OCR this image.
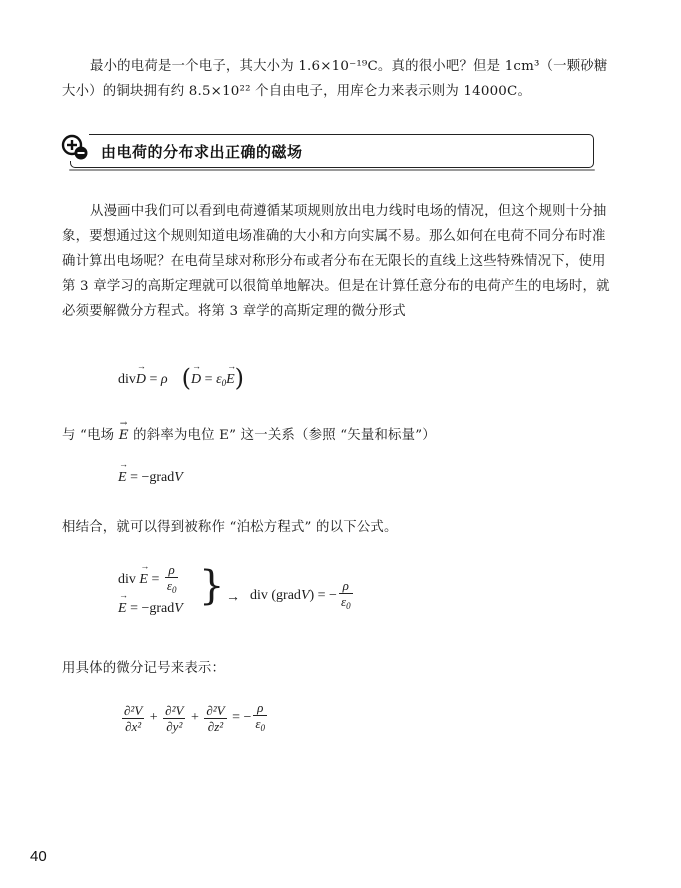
最小的电荷是一个电子，其大小为 1.6×10⁻¹⁹C。真的很小吧？但是 1cm³（一颗砂糖大小）的铜块拥有约 8.5×10²² 个自由电子，用库仑力来表示则为 14000C。

由电荷的分布求出正确的磁场

从漫画中我们可以看到电荷遵循某项规则放出电力线时电场的情况，但这个规则十分抽象，要想通过这个规则知道电场准确的大小和方向实属不易。那么如何在电荷不同分布时准确计算出电场呢？在电荷呈球对称形分布或者分布在无限长的直线上这些特殊情况下，使用第 3 章学习的高斯定理就可以很简单地解决。但是在计算任意分布的电荷产生的电场时，就必须要解微分方程式。将第 3 章学的高斯定理的微分形式

div→ D = ρ (→ $D = \varepsilon_0\to E$)

与 “电场 → E 的斜率为电位 E” 这一关系（参照 “矢量和标量”）

→ E = −gradV

相结合，就可以得到被称作 “泊松方程式” 的以下公式。

div → $E = \frac{\rho}{\varepsilon_0}$
→ E = −gradV } → div (gradV) = − $\frac{\rho}{\varepsilon_0}$

用具体的微分记号来表示：

$\frac{\text{∂²V}}{\text{∂x²}} + \frac{\text{∂²V}}{\text{∂y²}} + \frac{\text{∂²V}}{\text{∂z²}}$ = − $\frac{\rho}{\varepsilon_0}$
40
